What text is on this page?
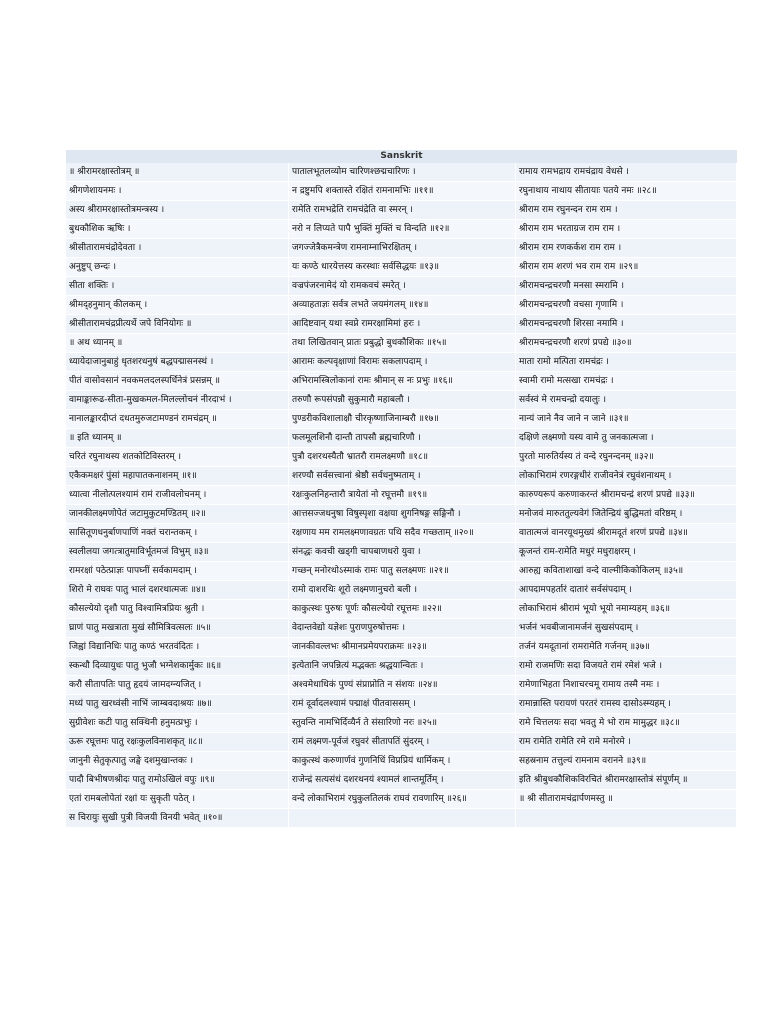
Sanskrit		
॥ श्रीरामरक्षास्तोत्रम् ॥	पातालभूतलव्योम चारिणश्छद्मचारिणः ।	रामाय रामभद्राय रामचंद्राय वेधसे ।
श्रीगणेशायनमः ।	न द्रष्टुमपि शक्तास्ते रक्षितं रामनामभिः ॥११॥	रघुनाथाय नाथाय सीतायाः पतये नमः ॥२८॥
अस्य श्रीरामरक्षास्तोत्रमन्त्रस्य ।	रामेति रामभद्रेति रामचंद्रेति वा स्मरन् ।	श्रीराम राम रघुनन्दन राम राम ।
बुधकौशिक ऋषिः ।	नरो न लिप्यते पापै भुक्तिं मुक्तिं च विन्दति ॥१२॥	श्रीराम राम भरताग्रज राम राम ।
श्रीसीतारामचंद्रोदेवता ।	जगज्जेत्रैकमन्त्रेण रामनाम्नाभिरक्षितम् ।	श्रीराम राम रणकर्कश राम राम ।
अनुष्टुप् छन्दः ।	यः कण्ठे धारयेत्तस्य करस्थाः सर्वसिद्धयः ॥१३॥	श्रीराम राम शरणं भव राम राम ॥२९॥
सीता शक्तिः ।	वज्रपंजरनामेदं यो रामकवचं स्मरेत् ।	श्रीरामचन्द्रचरणौ मनसा स्मरामि ।
श्रीमद्हनुमान् कीलकम् ।	अव्याहताज्ञः सर्वत्र लभते जयमंगलम् ॥१४॥	श्रीरामचन्द्रचरणौ वचसा गृणामि ।
श्रीसीतारामचंद्रप्रीत्यर्थे जपे विनियोगः ॥	आदिष्टवान् यथा स्वप्ने रामरक्षामिमां हरः ।	श्रीरामचन्द्रचरणौ शिरसा नमामि ।
॥ अथ ध्यानम् ॥	तथा लिखितवान् प्रातः प्रबुद्धो बुधकौशिकः ॥१५॥	श्रीरामचन्द्रचरणौ शरणं प्रपद्ये ॥३०॥
ध्यायेदाजानुबाहुं धृतशरधनुषं बद्धपद्मासनस्थं ।	आरामः कल्पवृक्षाणां विरामः सकलापदाम् ।	माता रामो मत्पिता रामचंद्रः ।
पीतं वासोवसानं नवकमलदलस्पर्धिनेत्रं प्रसन्नम् ॥	अभिरामस्त्रिलोकानां रामः श्रीमान् स नः प्रभुः ॥१६॥	स्वामी रामो मत्सखा रामचंद्रः ।
वामाङ्कारूढ-सीता-मुखकमल-मिलल्लोचनं नीरदाभं ।	तरुणौ रूपसंपन्नौ सुकुमारौ महाबलौ ।	सर्वस्वं मे रामचन्द्रो दयालुः ।
नानालङ्कारदीप्तं दधतमुरुजटामण्डनं रामचंद्रम् ॥	पुण्डरीकविशालाक्षौ चीरकृष्णाजिनाम्बरौ ॥१७॥	नान्यं जाने नैव जाने न जाने ॥३१॥
॥ इति ध्यानम् ॥	फलमूलशिनौ दान्तौ तापसौ ब्रह्मचारिणौ ।	दक्षिणे लक्ष्मणो यस्य वामे तु जनकात्मजा ।
चरितं रघुनाथस्य शतकोटिविस्तरम् ।	पुत्रौ दशरथस्यैतौ भ्रातरौ रामलक्ष्मणौ ॥१८॥	पुरतो मारुतिर्यस्य तं वन्दे रघुनन्दनम् ॥३२॥
एकैकमक्षरं पुंसां महापातकनाशनम् ॥१॥	शरण्यौ सर्वसत्त्वानां श्रेष्ठौ सर्वधनुष्मताम् ।	लोकाभिरामं रणरङ्गधीरं राजीवनेत्रं रघुवंशनाथम् ।
ध्यात्वा नीलोत्पलश्यामं रामं राजीवलोचनम् ।	रक्षःकुलनिहन्तारौ त्रायेतां नो रघूत्तमौ ॥१९॥	कारुण्यरूपं करुणाकरन्तं श्रीरामचन्द्रं शरणं प्रपद्ये ॥३३॥
जानकीलक्ष्मणोपेतं जटामुकुटमण्डितम् ॥२॥	आत्तसज्जधनुषा विषुस्पृशा वक्षया शुगनिषङ्ग सङ्गिनौ ।	मनोजवं मारुततुल्यवेगं जितेन्द्रियं बुद्धिमतां वरिष्ठम् ।
सासितूणधनुर्बाणपाणिं नक्तं चरान्तकम् ।	रक्षणाय मम रामलक्ष्मणावग्रतः पथि सदैव गच्छताम् ॥२०॥	वातात्मजं वानरयूथमुख्यं श्रीरामदूतं शरणं प्रपद्ये ॥३४॥
स्वलीलया जगत्त्रातुमाविर्भूतमजं विभुम् ॥३॥	संनद्धः कवची खड्गी चापबाणधरो युवा ।	कूजन्तं राम-रामेति मधुरं मधुराक्षरम् ।
रामरक्षां पठेत्प्राज्ञः पापघ्नीं सर्वकामदाम् ।	गच्छन् मनोरथोऽस्माकं रामः पातु सलक्ष्मणः ॥२१॥	आरुह्य कविताशाखां वन्दे वाल्मीकिकोकिलम् ॥३५॥
शिरो मे राघवः पातु भालं दशरथात्मजः ॥४॥	रामो दाशरथिः शूरो लक्ष्मणानुचरो बली ।	आपदामपहर्तारं दातारं सर्वसंपदाम् ।
कौसल्येयो दृशौ पातु विश्वामित्रप्रियः श्रुती ।	काकुत्स्थः पुरुषः पूर्णः कौसल्येयो रघूत्तमः ॥२२॥	लोकाभिरामं श्रीरामं भूयो भूयो नमाम्यहम् ॥३६॥
घ्राणं पातु मखत्राता मुखं सौमित्रिवत्सलः ॥५॥	वेदान्तवेद्यो यज्ञेशः पुराणपुरुषोत्तमः ।	भर्जनं भवबीजानामर्जनं सुखसंपदाम् ।
जिह्वां विद्यानिधिः पातु कण्ठं भरतवंदितः ।	जानकीवल्लभः श्रीमानप्रमेयपराक्रमः ॥२३॥	तर्जनं यमदूतानां रामरामेति गर्जनम् ॥३७॥
स्कन्धौ दिव्यायुधः पातु भुजौ भग्नेशकार्मुकः ॥६॥	इत्येतानि जपन्नित्यं मद्भक्तः श्रद्धयान्वितः ।	रामो राजमणिः सदा विजयते रामं रमेशं भजे ।
करौ सीतापतिः पातु हृदयं जामदग्न्यजित् ।	अश्वमेधाधिकं पुण्यं संप्राप्नोति न संशयः ॥२४॥	रामेणाभिहता निशाचरचमू रामाय तस्मै नमः ।
मध्यं पातु खरध्वंसी नाभिं जाम्बवदाश्रयः ॥७॥	रामं दूर्वादलश्यामं पद्माक्षं पीतवाससम् ।	रामान्नास्ति परायणं परतरं रामस्य दासोऽस्म्यहम् ।
सुग्रीवेशः कटी पातु सक्थिनी हनुमत्प्रभुः ।	स्तुवन्ति नामभिर्दिव्यैर्न ते संसारिणो नरः ॥२५॥	रामे चित्तलयः सदा भवतु मे भो राम मामुद्धर ॥३८॥
ऊरू रघूत्तमः पातु रक्षःकुलविनाशकृत् ॥८॥	रामं लक्ष्मण-पूर्वजं रघुवरं सीतापतिं सुंदरम् ।	राम रामेति रामेति रमे रामे मनोरमे ।
जानुनी सेतुकृत्पातु जङ्घे दशमुखान्तकः ।	काकुत्स्थं करुणार्णवं गुणनिधिं विप्रप्रियं धार्मिकम् ।	सहस्रनाम तत्तुल्यं रामनाम वरानने ॥३९॥
पादौ बिभीषणश्रीदः पातु रामोऽखिलं वपुः ॥९॥	राजेन्द्रं सत्यसंधं दशरथनयं श्यामलं शान्तमूर्तिम् ।	इति श्रीबुधकौशिकविरचितं श्रीरामरक्षास्तोत्रं संपूर्णम् ॥
एतां रामबलोपेतां रक्षां यः सुकृती पठेत् ।	वन्दे लोकाभिरामं रघुकुलतिलकं राघवं रावणारिम् ॥२६॥	॥ श्री सीतारामचंद्रार्पणमस्तु ॥
स चिरायुः सुखी पुत्री विजयी विनयी भवेत् ॥१०॥		
